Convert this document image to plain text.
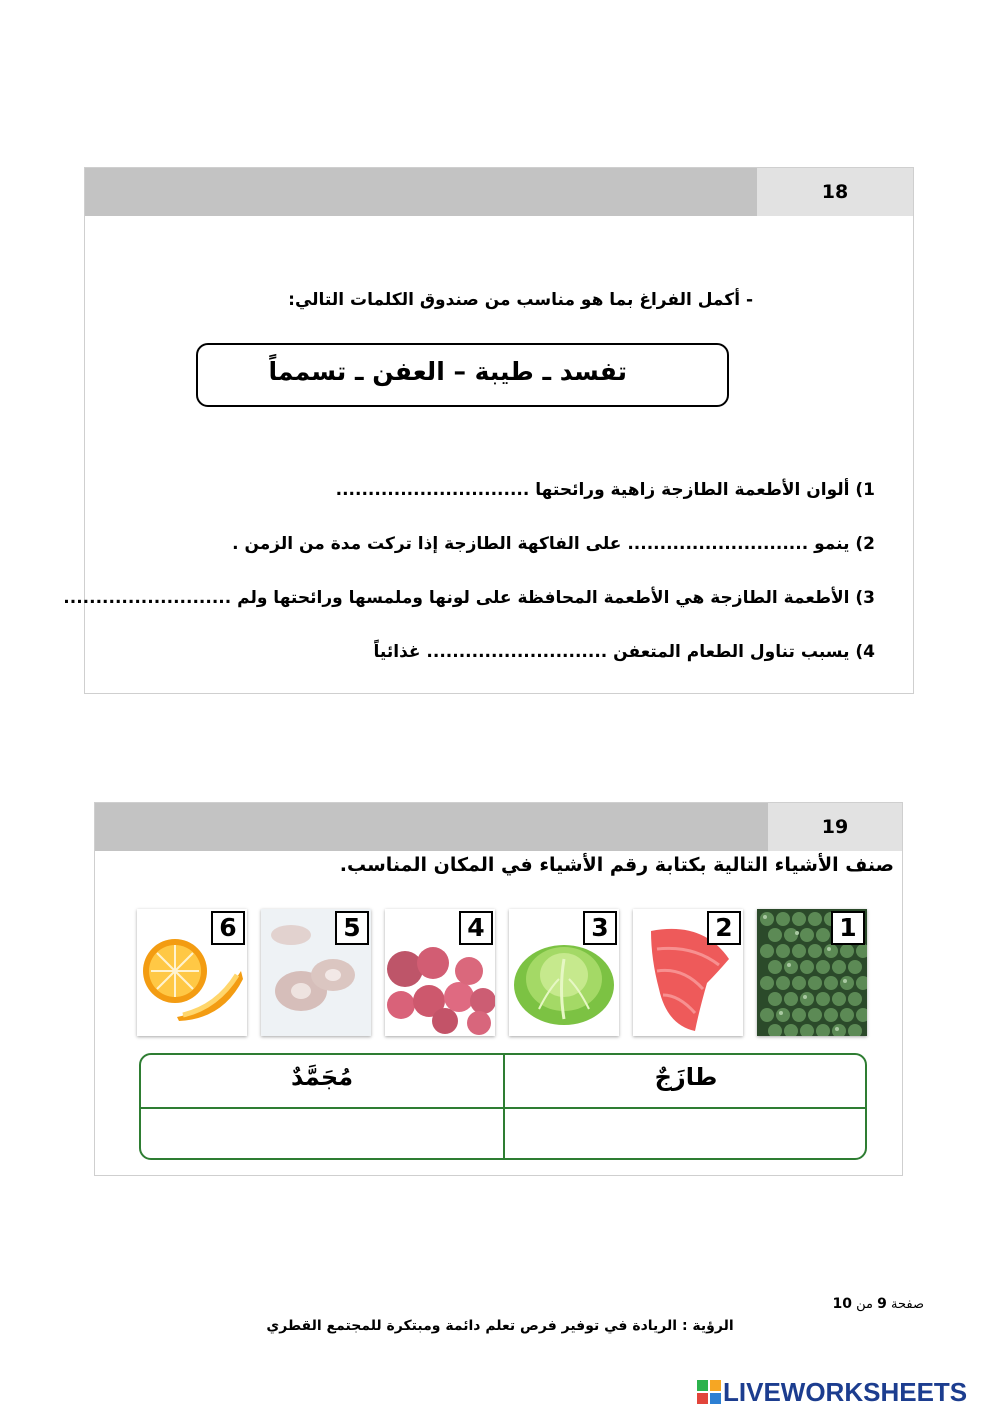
18
- أكمل الفراغ بما هو مناسب من صندوق الكلمات التالي:
تفسد ـ طيبة – العفن ـ تسمماً
1) ألوان الأطعمة الطازجة زاهية ورائحتها ..............................
2) ينمو ............................ على الفاكهة الطازجة إذا تركت مدة من الزمن .
3) الأطعمة الطازجة هي الأطعمة المحافظة على لونها وملمسها ورائحتها ولم ..........................
4) يسبب تناول الطعام المتعفن ............................ غذائياً
19
صنف الأشياء التالية بكتابة رقم الأشياء في المكان المناسب.
6	5	4	3	2	1
مُجَمَّدٌ	طازَجٌ
صفحة 9 من 10
الرؤية : الريادة في توفير فرص تعلم دائمة ومبتكرة للمجتمع القطري
LIVEWORKSHEETS
